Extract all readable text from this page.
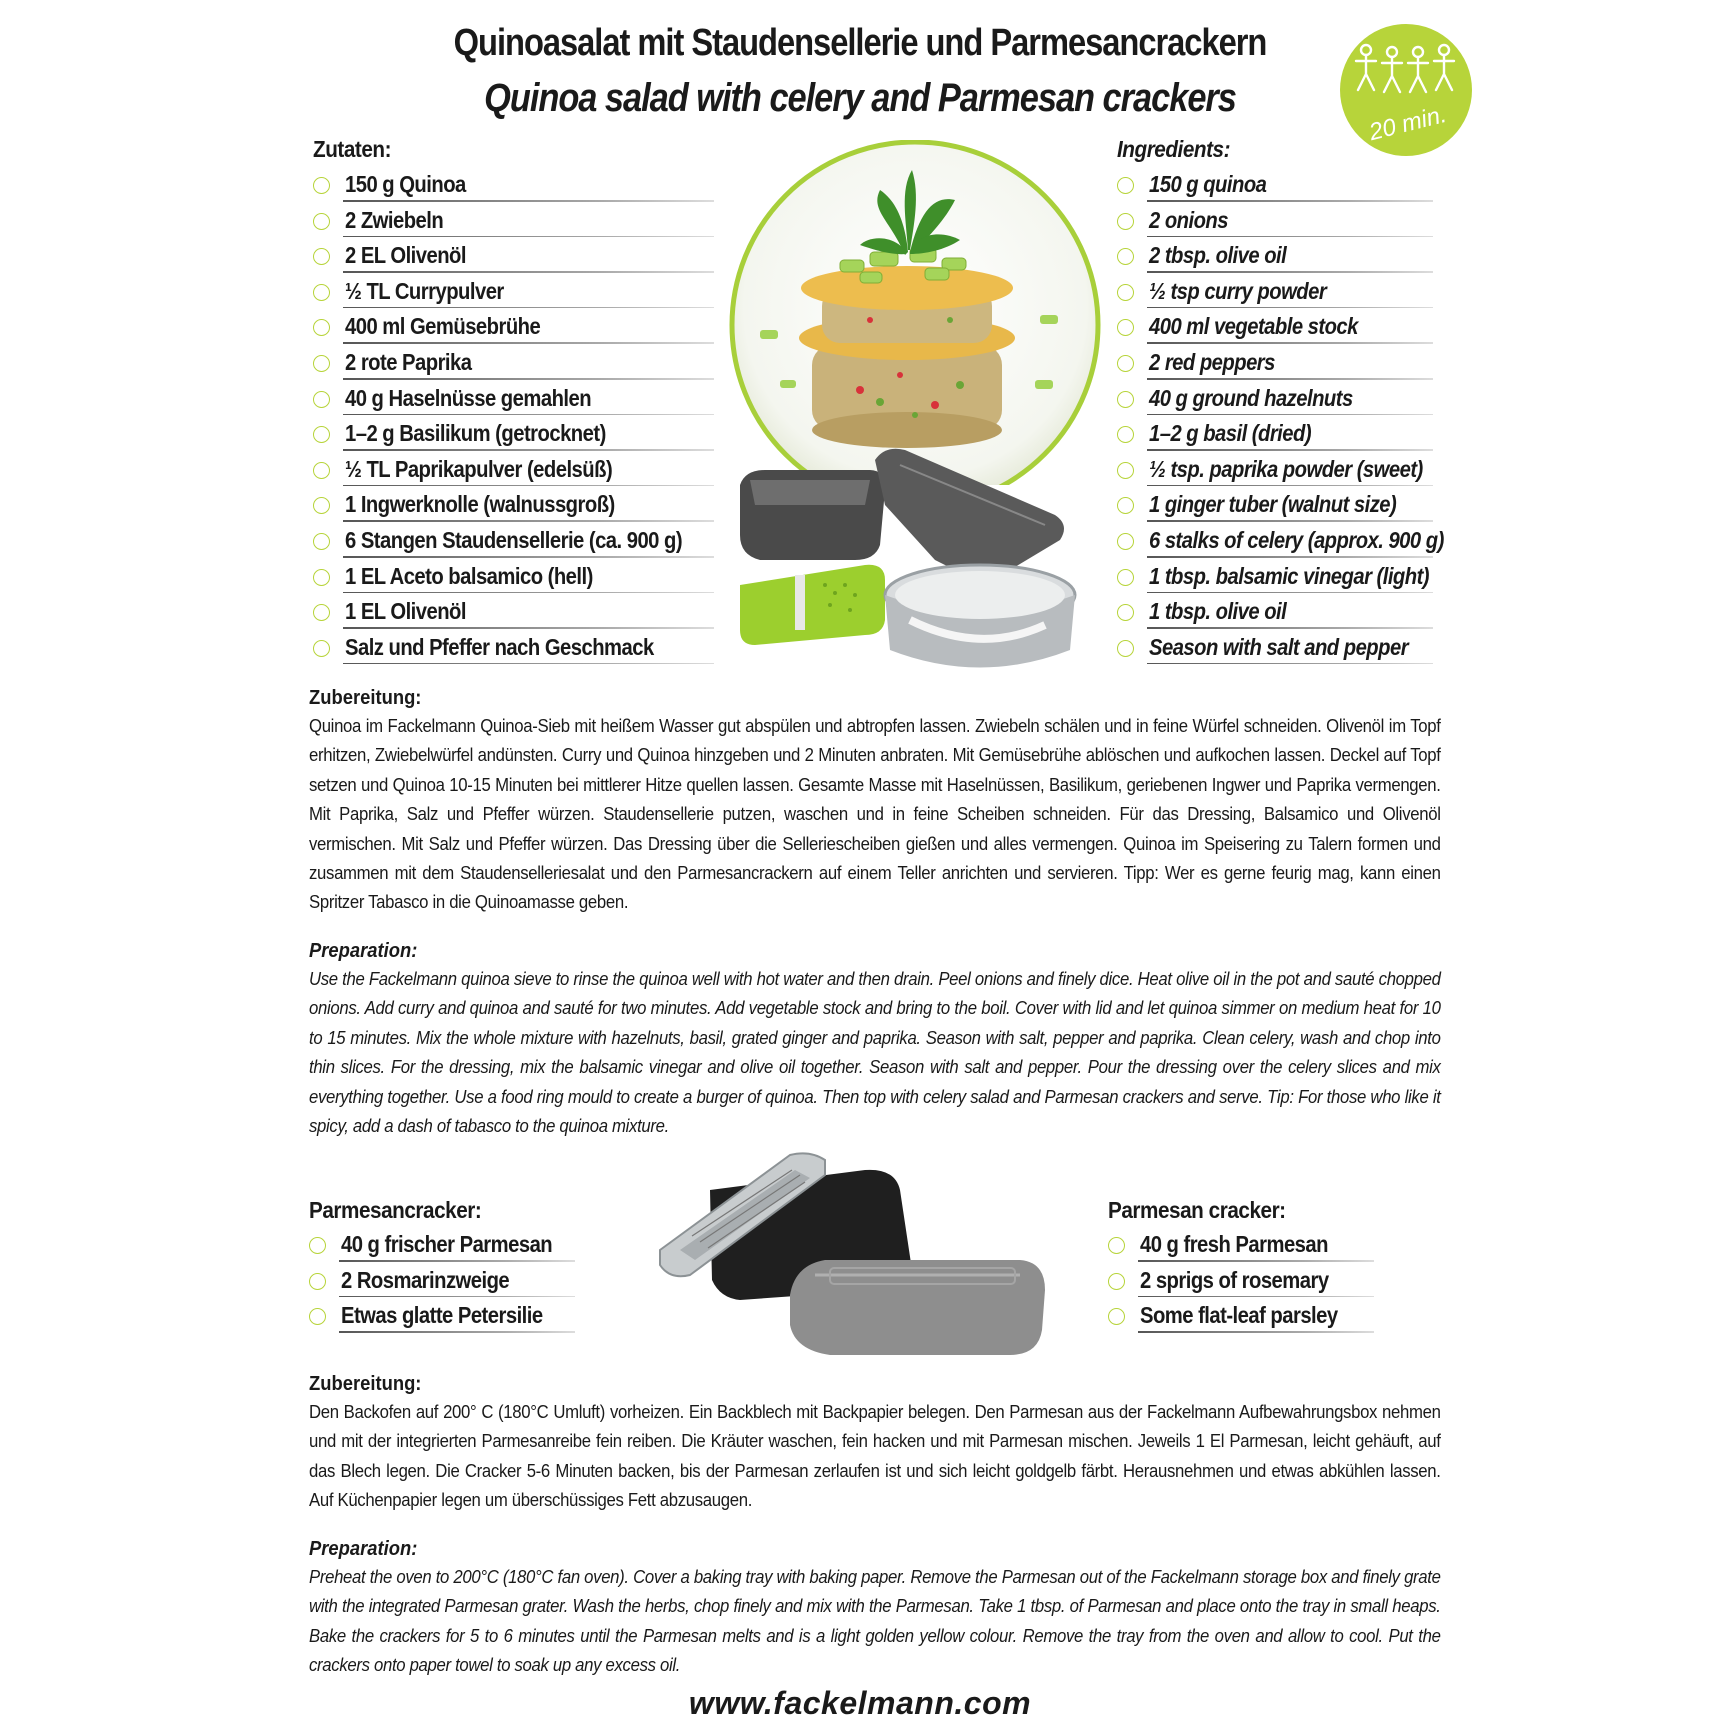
Quinoasalat mit Staudensellerie und Parmesancrackern
Quinoa salad with celery and Parmesan crackers
20 min.
Zutaten:
150 g Quinoa
2 Zwiebeln
2 EL Olivenöl
½ TL Currypulver
400 ml Gemüsebrühe
2 rote Paprika
40 g Haselnüsse gemahlen
1–2 g Basilikum (getrocknet)
½ TL Paprikapulver (edelsüß)
1 Ingwerknolle (walnussgroß)
6 Stangen Staudensellerie (ca. 900 g)
1 EL Aceto balsamico (hell)
1 EL Olivenöl
Salz und Pfeffer nach Geschmack
Ingredients:
150 g quinoa
2 onions
2 tbsp. olive oil
½ tsp curry powder
400 ml vegetable stock
2 red peppers
40 g ground hazelnuts
1–2 g basil (dried)
½ tsp. paprika powder (sweet)
1 ginger tuber (walnut size)
6 stalks of celery (approx. 900 g)
1 tbsp. balsamic vinegar (light)
1 tbsp. olive oil
Season with salt and pepper
Zubereitung:
Quinoa im Fackelmann Quinoa-Sieb mit heißem Wasser gut abspülen und abtropfen lassen. Zwiebeln schälen und in feine Würfel schneiden. Olivenöl im Topf erhitzen, Zwiebelwürfel andünsten. Curry und Quinoa hinzgeben und 2 Minuten anbraten. Mit Gemüsebrühe ablöschen und aufkochen lassen. Deckel auf Topf setzen und Quinoa 10-15 Minuten bei mittlerer Hitze quellen lassen. Gesamte Masse mit Haselnüssen, Basilikum, geriebenen Ingwer und Paprika vermengen. Mit Paprika, Salz und Pfeffer würzen. Staudensellerie putzen, waschen und in feine Scheiben schneiden. Für das Dressing, Balsamico und Olivenöl vermischen. Mit Salz und Pfeffer würzen. Das Dressing über die Selleriescheiben gießen und alles vermengen. Quinoa im Speisering zu Talern formen und zusammen mit dem Staudenselleriesalat und den Parmesancrackern auf einem Teller anrichten und servieren. Tipp: Wer es gerne feurig mag, kann einen Spritzer Tabasco in die Quinoamasse geben.
Preparation:
Use the Fackelmann quinoa sieve to rinse the quinoa well with hot water and then drain. Peel onions and finely dice. Heat olive oil in the pot and sauté chopped onions. Add curry and quinoa and sauté for two minutes. Add vegetable stock and bring to the boil. Cover with lid and let quinoa simmer on medium heat for 10 to 15 minutes. Mix the whole mixture with hazelnuts, basil, grated ginger and paprika. Season with salt, pepper and paprika. Clean celery, wash and chop into thin slices. For the dressing, mix the balsamic vinegar and olive oil together. Season with salt and pepper. Pour the dressing over the celery slices and mix everything together. Use a food ring mould to create a burger of quinoa. Then top with celery salad and Parmesan crackers and serve. Tip: For those who like it spicy, add a dash of tabasco to the quinoa mixture.
Parmesancracker:
40 g frischer Parmesan
2 Rosmarinzweige
Etwas glatte Petersilie
Parmesan cracker:
40 g fresh Parmesan
2 sprigs of rosemary
Some flat-leaf parsley
Zubereitung:
Den Backofen auf 200° C (180°C Umluft) vorheizen. Ein Backblech mit Backpapier belegen. Den Parmesan aus der Fackelmann Aufbewahrungsbox nehmen und mit der integrierten Parmesanreibe fein reiben. Die Kräuter waschen, fein hacken und mit Parmesan mischen. Jeweils 1 El Parmesan, leicht gehäuft, auf das Blech legen. Die Cracker 5-6 Minuten backen, bis der Parmesan zerlaufen ist und sich leicht goldgelb färbt. Herausnehmen und etwas abkühlen lassen. Auf Küchenpapier legen um überschüssiges Fett abzusaugen.
Preparation:
Preheat the oven to 200°C (180°C fan oven). Cover a baking tray with baking paper. Remove the Parmesan out of the Fackelmann storage box and finely grate with the integrated Parmesan grater. Wash the herbs, chop finely and mix with the Parmesan. Take 1 tbsp. of Parmesan and place onto the tray in small heaps. Bake the crackers for 5 to 6 minutes until the Parmesan melts and is a light golden yellow colour. Remove the tray from the oven and allow to cool. Put the crackers onto paper towel to soak up any excess oil.
www.fackelmann.com
